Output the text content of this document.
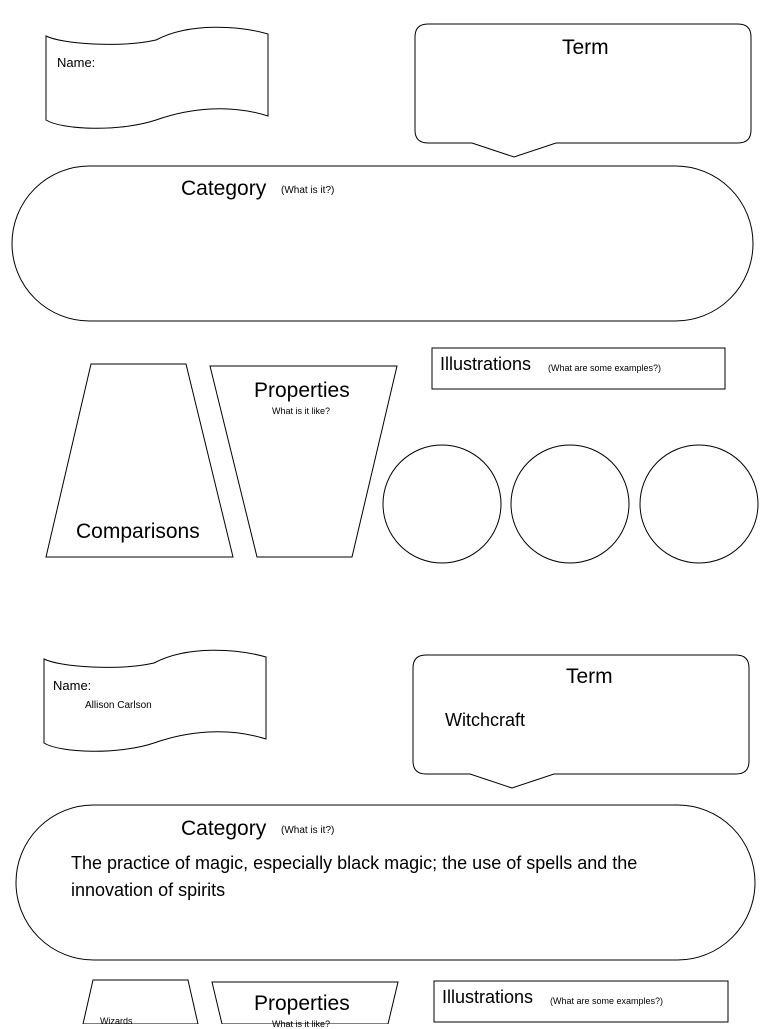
Name:
Term
Category (What is it?)
Illustrations (What are some examples?)
Properties
What is it like?
Comparisons
Name:
Allison Carlson
Term
Witchcraft
Category (What is it?)
The practice of magic, especially black magic; the use of spells and the innovation of spirits
Illustrations (What are some examples?)
Properties
What is it like?
Wizards
